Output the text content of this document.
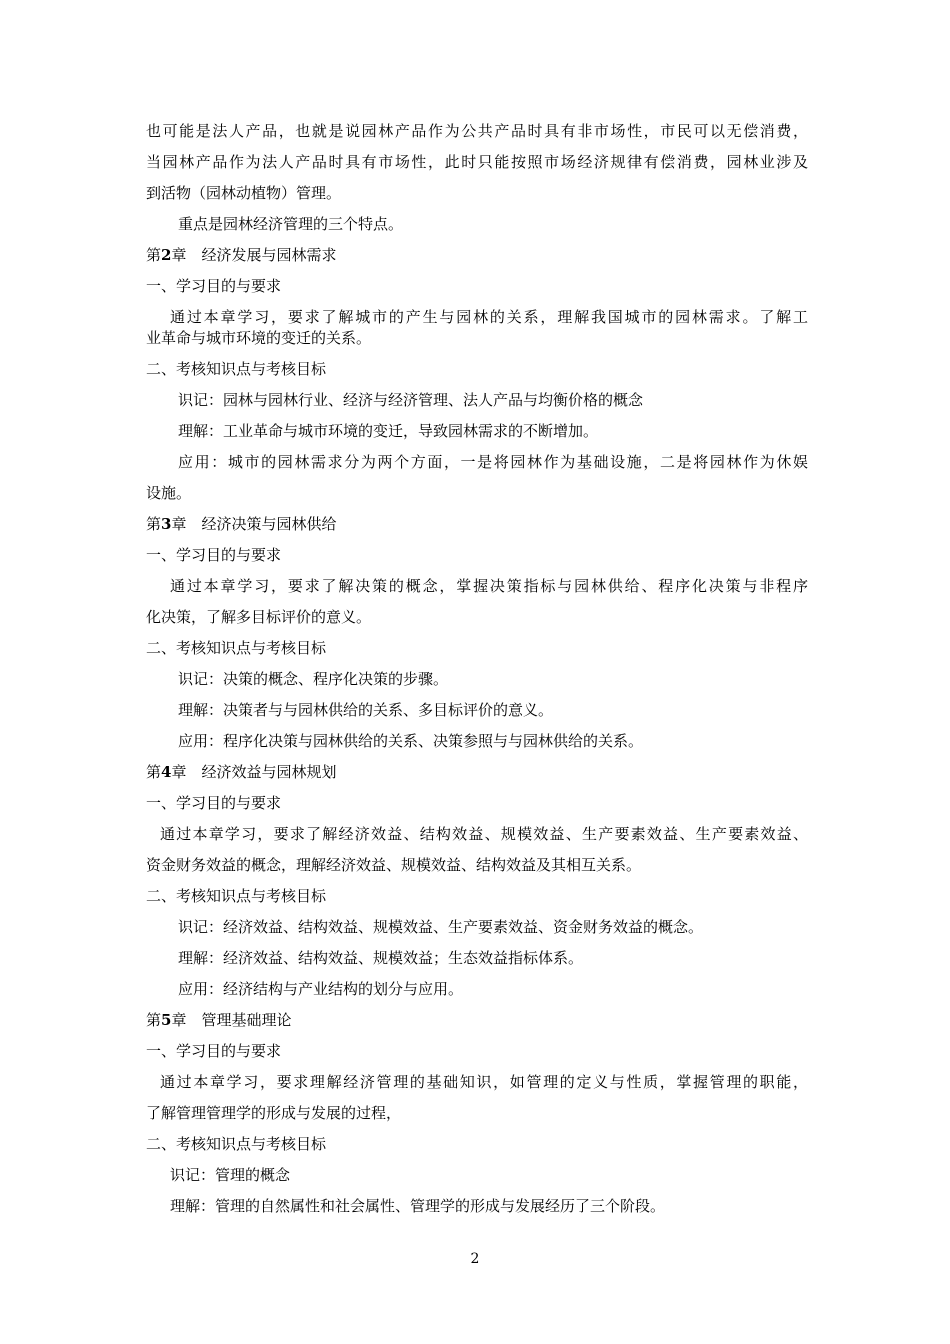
也可能是法人产品，也就是说园林产品作为公共产品时具有非市场性，市民可以无偿消费，
当园林产品作为法人产品时具有市场性，此时只能按照市场经济规律有偿消费，园林业涉及
到活物（园林动植物）管理。
重点是园林经济管理的三个特点。
第2章　经济发展与园林需求
一、学习目的与要求
通过本章学习，要求了解城市的产生与园林的关系，理解我国城市的园林需求。了解工
业革命与城市环境的变迁的关系。
二、考核知识点与考核目标
识记：园林与园林行业、经济与经济管理、法人产品与均衡价格的概念
理解：工业革命与城市环境的变迁，导致园林需求的不断增加。
应用：城市的园林需求分为两个方面，一是将园林作为基础设施，二是将园林作为休娱
设施。
第3章　经济决策与园林供给
一、学习目的与要求
通过本章学习，要求了解决策的概念，掌握决策指标与园林供给、程序化决策与非程序
化决策，了解多目标评价的意义。
二、考核知识点与考核目标
识记：决策的概念、程序化决策的步骤。
理解：决策者与与园林供给的关系、多目标评价的意义。
应用：程序化决策与园林供给的关系、决策参照与与园林供给的关系。
第4章　经济效益与园林规划
一、学习目的与要求
通过本章学习，要求了解经济效益、结构效益、规模效益、生产要素效益、生产要素效益、
资金财务效益的概念，理解经济效益、规模效益、结构效益及其相互关系。
二、考核知识点与考核目标
识记：经济效益、结构效益、规模效益、生产要素效益、资金财务效益的概念。
理解：经济效益、结构效益、规模效益；生态效益指标体系。
应用：经济结构与产业结构的划分与应用。
第5章　管理基础理论
一、学习目的与要求
通过本章学习，要求理解经济管理的基础知识，如管理的定义与性质，掌握管理的职能，
了解管理管理学的形成与发展的过程，
二、考核知识点与考核目标
识记：管理的概念
理解：管理的自然属性和社会属性、管理学的形成与发展经历了三个阶段。
2
